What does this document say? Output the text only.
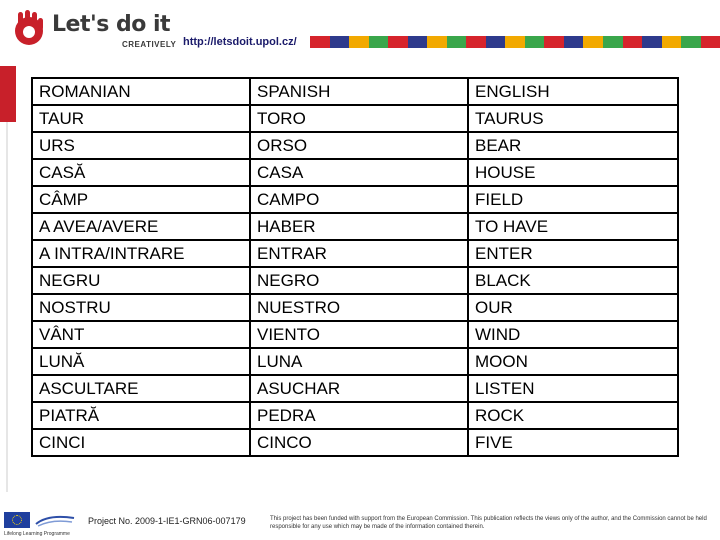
Let's do it
CREATIVELY http://letsdoit.upol.cz/
ROMANIAN	SPANISH	ENGLISH
TAUR	TORO	TAURUS
URS	ORSO	BEAR
CASĂ	CASA	HOUSE
CÂMP	CAMPO	FIELD
A AVEA/AVERE	HABER	TO HAVE
A INTRA/INTRARE	ENTRAR	ENTER
NEGRU	NEGRO	BLACK
NOSTRU	NUESTRO	OUR
VÂNT	VIENTO	WIND
LUNĂ	LUNA	MOON
ASCULTARE	ASUCHAR	LISTEN
PIATRĂ	PEDRA	ROCK
CINCI	CINCO	FIVE
Lifelong Learning Programme
Project No. 2009-1-IE1-GRN06-007179	This project has been funded with support from the European Commission. This publication reflects the views only of the author, and the Commission cannot be held responsible for any use which may be made of the information contained therein.
